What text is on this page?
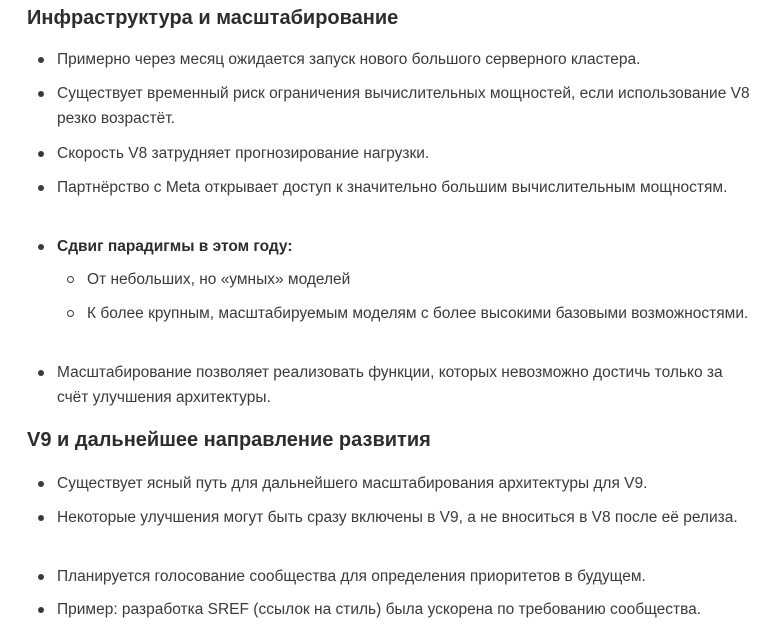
Инфраструктура и масштабирование
Примерно через месяц ожидается запуск нового большого серверного кластера.
Существует временный риск ограничения вычислительных мощностей, если использование V8 резко возрастёт.
Скорость V8 затрудняет прогнозирование нагрузки.
Партнёрство с Meta открывает доступ к значительно большим вычислительным мощностям.
Сдвиг парадигмы в этом году:
От небольших, но «умных» моделей
К более крупным, масштабируемым моделям с более высокими базовыми возможностями.
Масштабирование позволяет реализовать функции, которых невозможно достичь только за счёт улучшения архитектуры.
V9 и дальнейшее направление развития
Существует ясный путь для дальнейшего масштабирования архитектуры для V9.
Некоторые улучшения могут быть сразу включены в V9, а не вноситься в V8 после её релиза.
Планируется голосование сообщества для определения приоритетов в будущем.
Пример: разработка SREF (ссылок на стиль) была ускорена по требованию сообщества.
